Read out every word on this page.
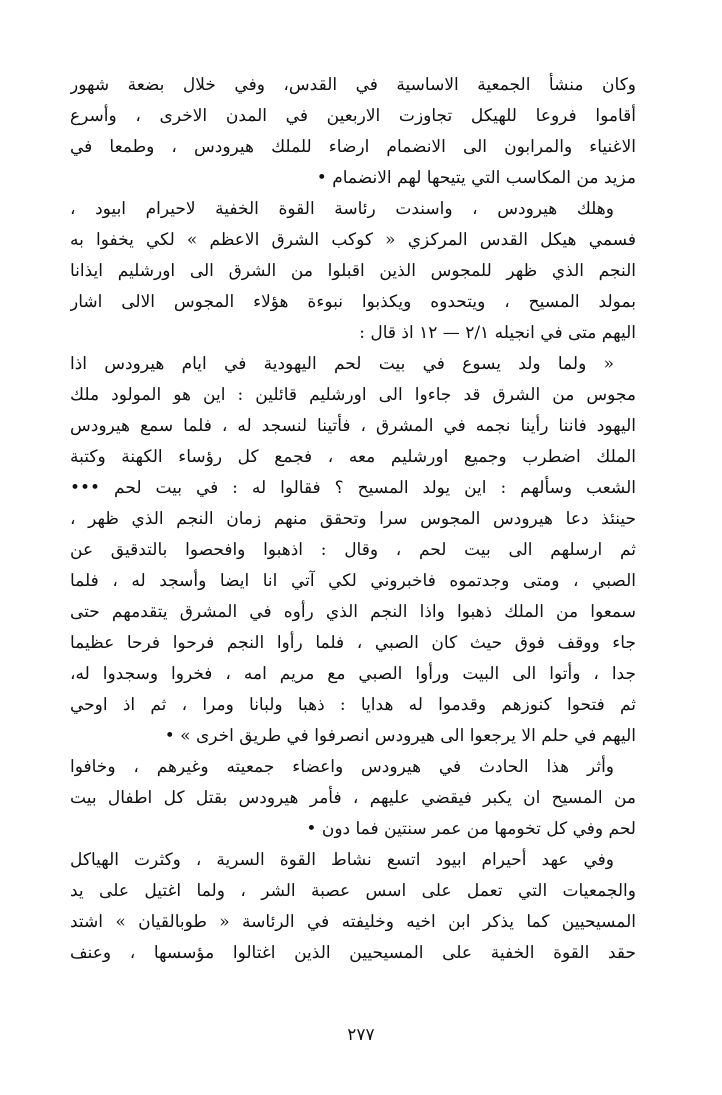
وكان منشأ الجمعية الاساسية في القدس، وفي خلال بضعة شهور
أقاموا فروعا للهيكل تجاوزت الاربعين في المدن الاخرى ، وأسرع
الاغنياء والمرابون الى الانضمام ارضاء للملك هيرودس ، وطمعا في
مزيد من المكاسب التي يتيحها لهم الانضمام •
وهلك هيرودس ، واسندت رئاسة القوة الخفية لاحيرام ابيود ،
فسمي هيكل القدس المركزي « كوكب الشرق الاعظم » لكي يخفوا به
النجم الذي ظهر للمجوس الذين اقبلوا من الشرق الى اورشليم ايذانا
بمولد المسيح ، ويتحدوه ويكذبوا نبوءة هؤلاء المجوس الالى اشار
اليهم متى في انجيله ٢/١ — ١٢ اذ قال :
« ولما ولد يسوع في بيت لحم اليهودية في ايام هيرودس اذا
مجوس من الشرق قد جاءوا الى اورشليم قائلين : اين هو المولود ملك
اليهود فاننا رأينا نجمه في المشرق ، فأتينا لنسجد له ، فلما سمع هيرودس
الملك اضطرب وجميع اورشليم معه ، فجمع كل رؤساء الكهنة وكتبة
الشعب وسألهم : اين يولد المسيح ؟ فقالوا له : في بيت لحم •••
حينئذ دعا هيرودس المجوس سرا وتحقق منهم زمان النجم الذي ظهر ،
ثم ارسلهم الى بيت لحم ، وقال : اذهبوا وافحصوا بالتدقيق عن
الصبي ، ومتى وجدتموه فاخبروني لكي آتي انا ايضا وأسجد له ، فلما
سمعوا من الملك ذهبوا واذا النجم الذي رأوه في المشرق يتقدمهم حتى
جاء ووقف فوق حيث كان الصبي ، فلما رأوا النجم فرحوا فرحا عظيما
جدا ، وأتوا الى البيت ورأوا الصبي مع مريم امه ، فخروا وسجدوا له،
ثم فتحوا كنوزهم وقدموا له هدايا : ذهبا ولبانا ومرا ، ثم اذ اوحي
اليهم في حلم الا يرجعوا الى هيرودس انصرفوا في طريق اخرى » •
وأثر هذا الحادث في هيرودس واعضاء جمعيته وغيرهم ، وخافوا
من المسيح ان يكبر فيقضي عليهم ، فأمر هيرودس بقتل كل اطفال بيت
لحم وفي كل تخومها من عمر سنتين فما دون •
وفي عهد أحيرام ابيود اتسع نشاط القوة السرية ، وكثرت الهياكل
والجمعيات التي تعمل على اسس عصبة الشر ، ولما اغتيل على يد
المسيحيين كما يذكر ابن اخيه وخليفته في الرئاسة « طوبالقيان » اشتد
حقد القوة الخفية على المسيحيين الذين اغتالوا مؤسسها ، وعنف
٢٧٧
